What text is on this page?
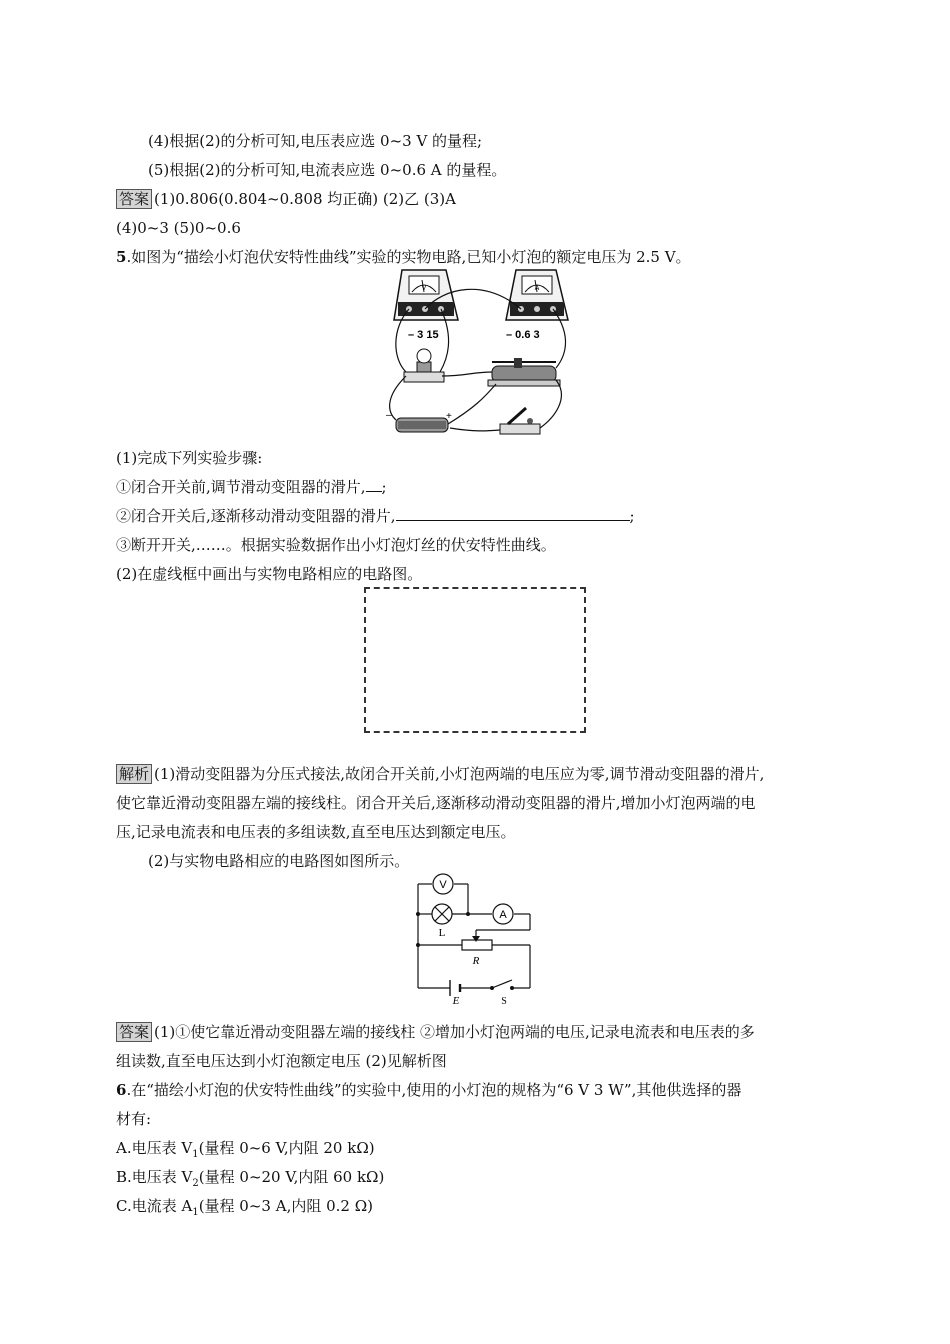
(4)根据(2)的分析可知,电压表应选 0~3 V 的量程;
(5)根据(2)的分析可知,电流表应选 0~0.6 A 的量程。
答案 (1)0.806(0.804~0.808 均正确) (2)乙 (3)A
(4)0~3 (5)0~0.6
5.如图为“描绘小灯泡伏安特性曲线”实验的实物电路,已知小灯泡的额定电压为 2.5 V。
V
– 3 15
A
– 0.6 3
–	+
(1)完成下列实验步骤:
①闭合开关前,调节滑动变阻器的滑片, ;
②闭合开关后,逐渐移动滑动变阻器的滑片,	;
③断开开关,……。根据实验数据作出小灯泡灯丝的伏安特性曲线。
(2)在虚线框中画出与实物电路相应的电路图。
解析 (1)滑动变阻器为分压式接法,故闭合开关前,小灯泡两端的电压应为零,调节滑动变阻器的滑片,
使它靠近滑动变阻器左端的接线柱。闭合开关后,逐渐移动滑动变阻器的滑片,增加小灯泡两端的电
压,记录电流表和电压表的多组读数,直至电压达到额定电压。
(2)与实物电路相应的电路图如图所示。
V
A
L
R
E	S
答案 (1)①使它靠近滑动变阻器左端的接线柱 ②增加小灯泡两端的电压,记录电流表和电压表的多
组读数,直至电压达到小灯泡额定电压 (2)见解析图
6.在“描绘小灯泡的伏安特性曲线”的实验中,使用的小灯泡的规格为“6 V 3 W”,其他供选择的器
材有:
A.电压表 $V_1$(量程 0~6 V,内阻 20 kΩ)
B.电压表 $V_2$(量程 0~20 V,内阻 60 kΩ)
C.电流表 $A_1$(量程 0~3 A,内阻 0.2 Ω)
